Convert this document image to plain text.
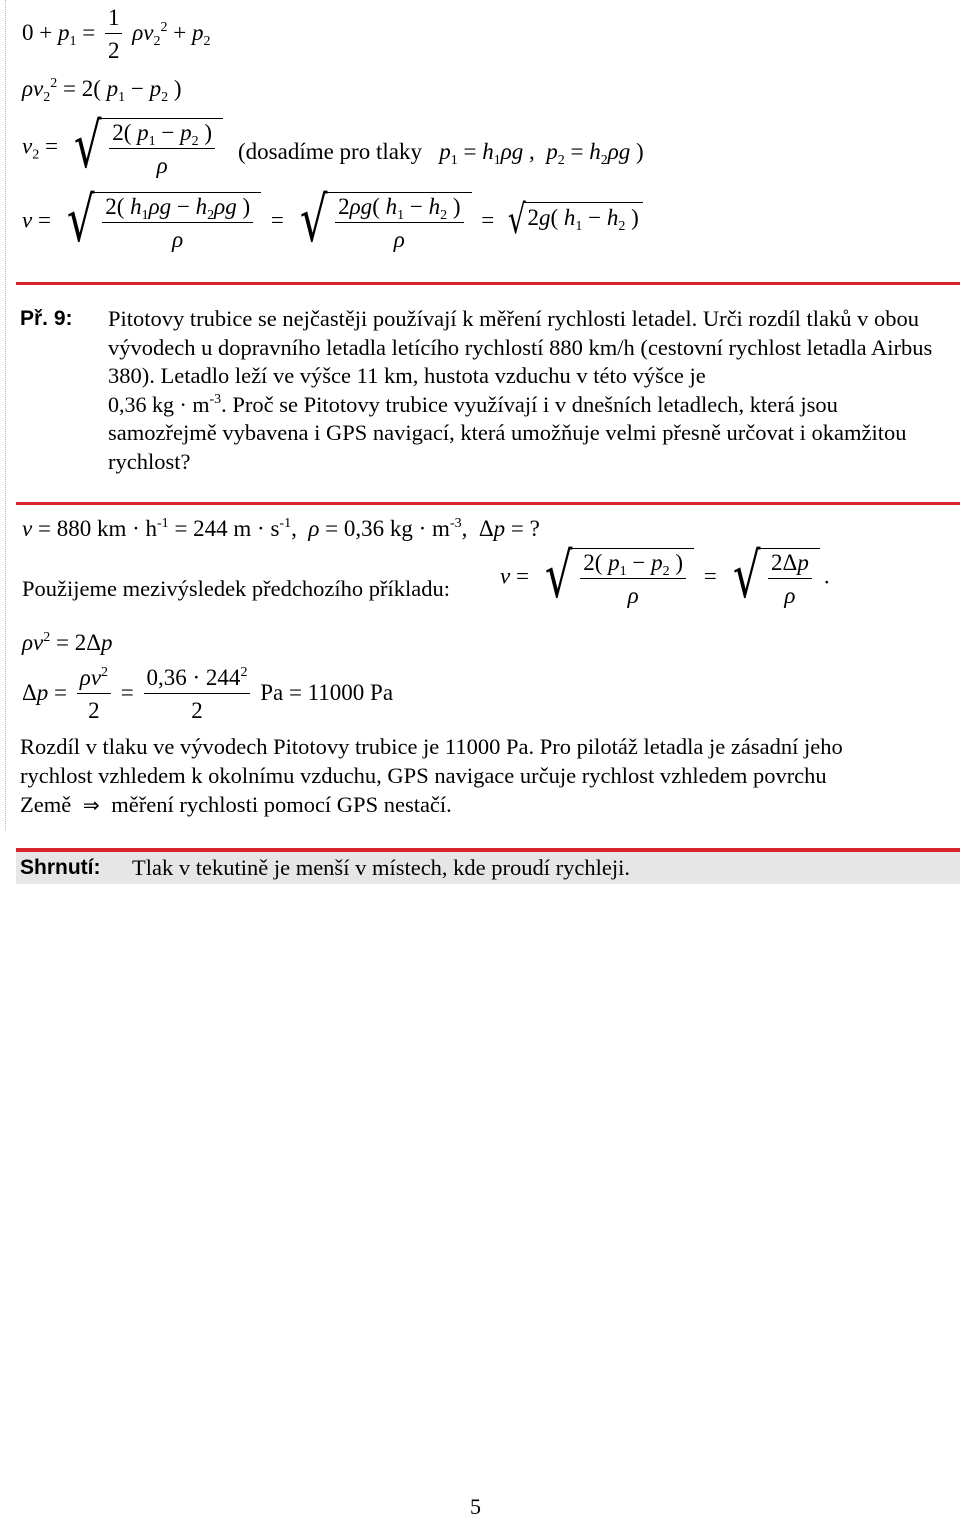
$0 + p_1 = \frac{1}{2} \rho v_2^2 + p_2$
$\rho v_2^2 = 2$( $p_1 - p_2$ )
$v_2$ = √ $\frac{2( p_1 - p_2 )}{\rho}$ (dosadíme pro tlaky $p_1 = h_1\rho g$ ,  $p_2 = h_2\rho g$ )
v = √ $\frac{2( h_1\rho g - h_2\rho g )}{\rho}$ = √ $\frac{2\rho g( h_1 - h_2 )}{\rho}$ = √ 2g( $h_1 - h_2$ )
Př. 9: Pitotovy trubice se nejčastěji používají k měření rychlosti letadel. Urči rozdíl tlaků v obou vývodech u dopravního letadla letícího rychlostí 880 km/h (cestovní rychlost letadla Airbus 380). Letadlo leží ve výšce 11 km, hustota vzduchu v této výšce je
0,36 kg · $m^{-3}$. Proč se Pitotovy trubice využívají i v dnešních letadlech, která jsou samozřejmě vybavena i GPS navigací, která umožňuje velmi přesně určovat i okamžitou rychlost?
v = 880 km · $h^{-1} = 244$ $m \cdot s^{-1}$,  ρ = 0,36 kg · $m^{-3}$,  Δp = ?
Použijeme mezivýsledek předchozího příkladu:
v = √ $\frac{2( p_1 - p_2 )}{\rho}$ = √ $\frac{2\Delta p}{\rho}$ .
$\rho v^2 = 2\Delta p$
$\Delta p = \frac{\rho v^2}{2} = \frac{0,36 \cdot 244^2}{2}$ Pa = 11000 Pa
Rozdíl v tlaku ve vývodech Pitotovy trubice je 11000 Pa. Pro pilotáž letadla je zásadní jeho
rychlost vzhledem k okolnímu vzduchu, GPS navigace určuje rychlost vzhledem povrchu
Země ⇒ měření rychlosti pomocí GPS nestačí.
Shrnutí: Tlak v tekutině je menší v místech, kde proudí rychleji.
5
